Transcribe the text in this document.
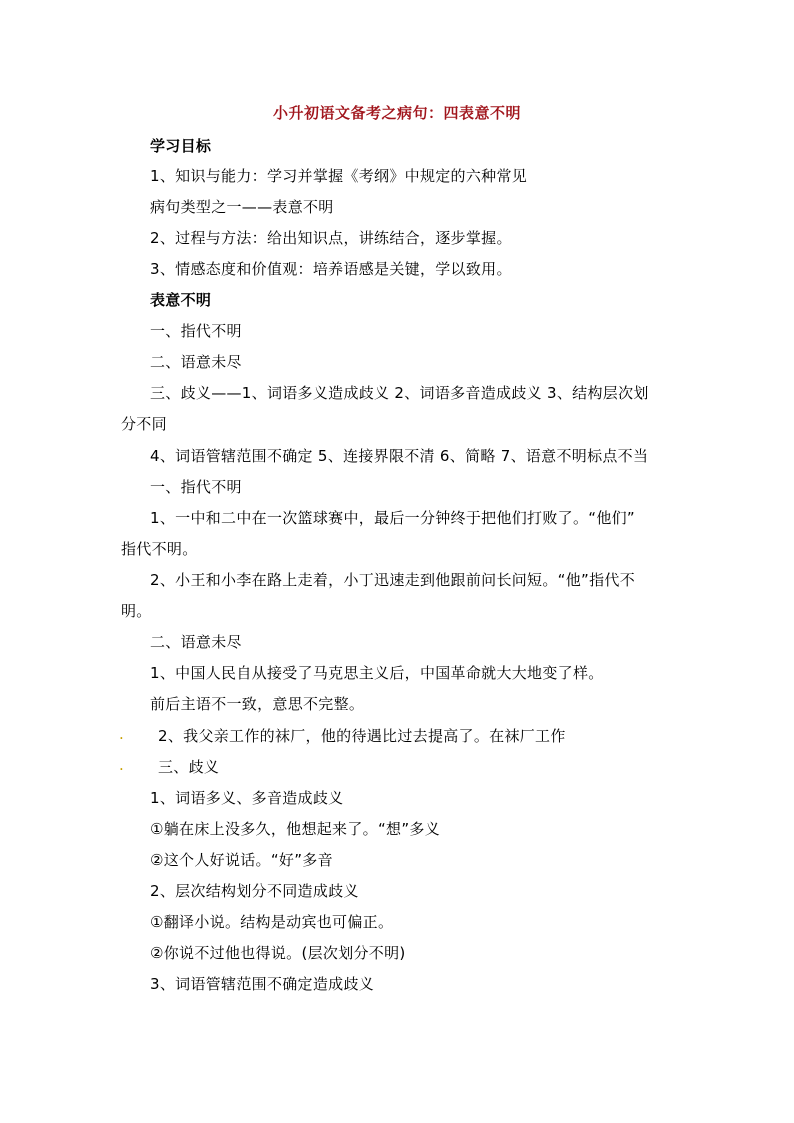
小升初语文备考之病句：四表意不明
学习目标
1、知识与能力：学习并掌握《考纲》中规定的六种常见
病句类型之一——表意不明
2、过程与方法：给出知识点，讲练结合，逐步掌握。
3、情感态度和价值观：培养语感是关键，学以致用。
表意不明
一、指代不明
二、语意未尽
三、歧义——1、词语多义造成歧义 2、词语多音造成歧义 3、结构层次划
分不同
4、词语管辖范围不确定 5、连接界限不清 6、简略 7、语意不明标点不当
一、指代不明
1、一中和二中在一次篮球赛中，最后一分钟终于把他们打败了。“他们”
指代不明。
2、小王和小李在路上走着，小丁迅速走到他跟前问长问短。“他”指代不
明。
二、语意未尽
1、中国人民自从接受了马克思主义后，中国革命就大大地变了样。
前后主语不一致，意思不完整。
. 2、我父亲工作的袜厂，他的待遇比过去提高了。在袜厂工作
. 三、歧义
1、词语多义、多音造成歧义
①躺在床上没多久，他想起来了。“想”多义
②这个人好说话。“好”多音
2、层次结构划分不同造成歧义
①翻译小说。结构是动宾也可偏正。
②你说不过他也得说。(层次划分不明)
3、词语管辖范围不确定造成歧义
